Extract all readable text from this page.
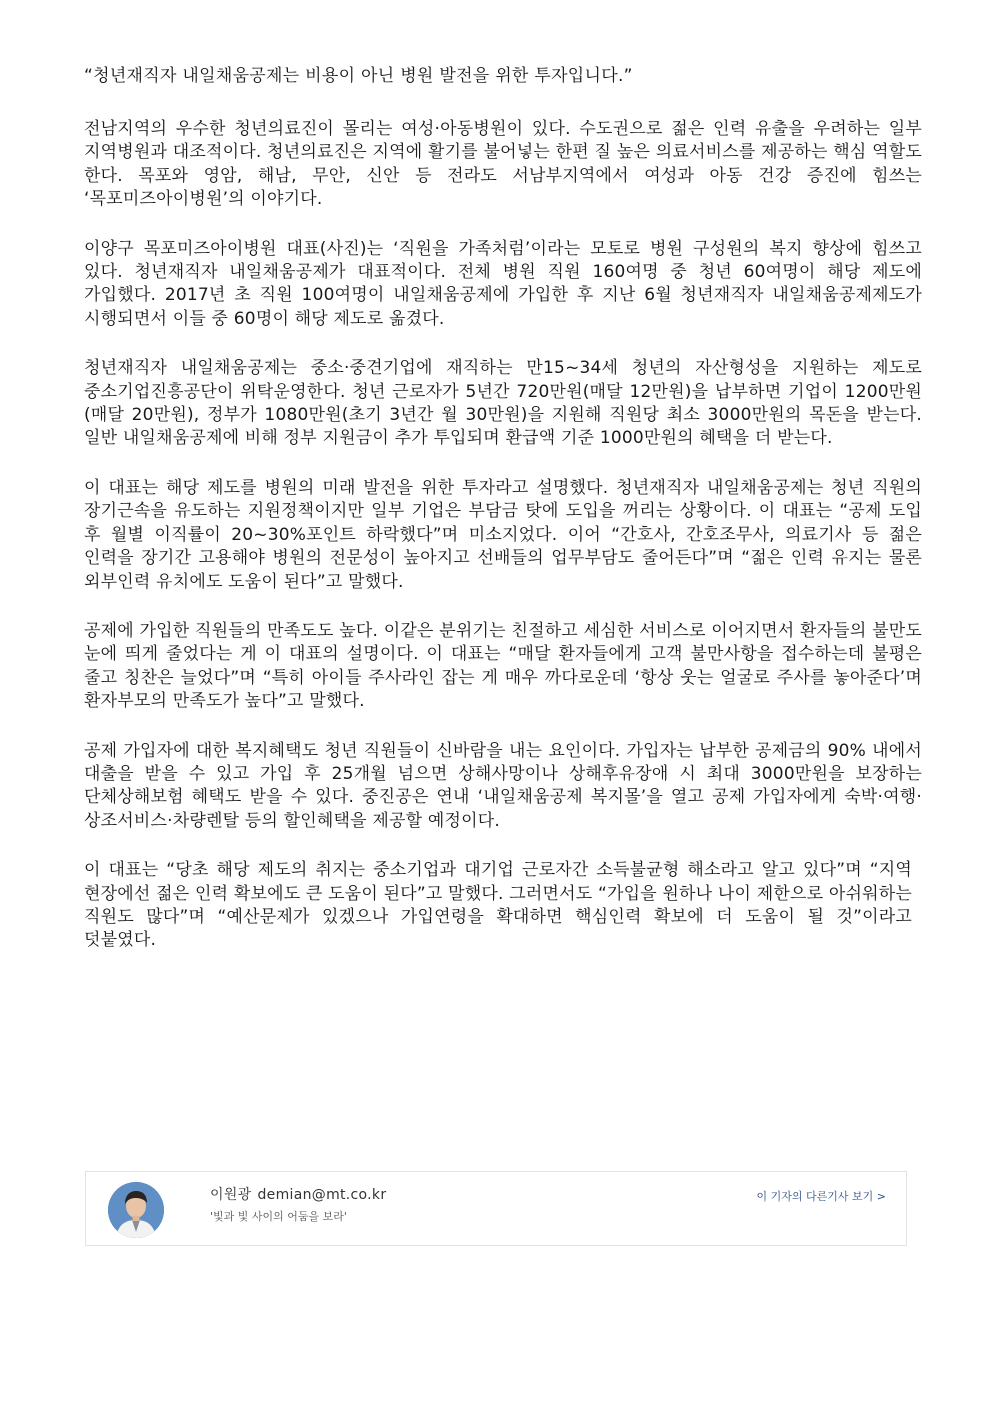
“청년재직자 내일채움공제는 비용이 아닌 병원 발전을 위한 투자입니다.”

전남지역의 우수한 청년의료진이 몰리는 여성·아동병원이 있다. 수도권으로 젊은 인력 유출을 우려하는 일부 지역병원과 대조적이다. 청년의료진은 지역에 활기를 불어넣는 한편 질 높은 의료서비스를 제공하는 핵심 역할도 한다. 목포와 영암, 해남, 무안, 신안 등 전라도 서남부지역에서 여성과 아동 건강 증진에 힘쓰는 ‘목포미즈아이병원’의 이야기다.

이양구 목포미즈아이병원 대표(사진)는 ‘직원을 가족처럼’이라는 모토로 병원 구성원의 복지 향상에 힘쓰고 있다. 청년재직자 내일채움공제가 대표적이다. 전체 병원 직원 160여명 중 청년 60여명이 해당 제도에 가입했다. 2017년 초 직원 100여명이 내일채움공제에 가입한 후 지난 6월 청년재직자 내일채움공제제도가 시행되면서 이들 중 60명이 해당 제도로 옮겼다.

청년재직자 내일채움공제는 중소·중견기업에 재직하는 만15~34세 청년의 자산형성을 지원하는 제도로 중소기업진흥공단이 위탁운영한다. 청년 근로자가 5년간 720만원(매달 12만원)을 납부하면 기업이 1200만원(매달 20만원), 정부가 1080만원(초기 3년간 월 30만원)을 지원해 직원당 최소 3000만원의 목돈을 받는다. 일반 내일채움공제에 비해 정부 지원금이 추가 투입되며 환급액 기준 1000만원의 혜택을 더 받는다.

이 대표는 해당 제도를 병원의 미래 발전을 위한 투자라고 설명했다. 청년재직자 내일채움공제는 청년 직원의 장기근속을 유도하는 지원정책이지만 일부 기업은 부담금 탓에 도입을 꺼리는 상황이다. 이 대표는 “공제 도입 후 월별 이직률이 20~30%포인트 하락했다”며 미소지었다. 이어 “간호사, 간호조무사, 의료기사 등 젊은 인력을 장기간 고용해야 병원의 전문성이 높아지고 선배들의 업무부담도 줄어든다”며 “젊은 인력 유지는 물론 외부인력 유치에도 도움이 된다”고 말했다.

공제에 가입한 직원들의 만족도도 높다. 이같은 분위기는 친절하고 세심한 서비스로 이어지면서 환자들의 불만도 눈에 띄게 줄었다는 게 이 대표의 설명이다. 이 대표는 “매달 환자들에게 고객 불만사항을 접수하는데 불평은 줄고 칭찬은 늘었다”며 “특히 아이들 주사라인 잡는 게 매우 까다로운데 ‘항상 웃는 얼굴로 주사를 놓아준다’며 환자부모의 만족도가 높다”고 말했다.

공제 가입자에 대한 복지혜택도 청년 직원들이 신바람을 내는 요인이다. 가입자는 납부한 공제금의 90% 내에서 대출을 받을 수 있고 가입 후 25개월 넘으면 상해사망이나 상해후유장애 시 최대 3000만원을 보장하는 단체상해보험 혜택도 받을 수 있다. 중진공은 연내 ‘내일채움공제 복지몰’을 열고 공제 가입자에게 숙박·여행·상조서비스·차량렌탈 등의 할인혜택을 제공할 예정이다.

이 대표는 “당초 해당 제도의 취지는 중소기업과 대기업 근로자간 소득불균형 해소라고 알고 있다”며 “지역 현장에선 젊은 인력 확보에도 큰 도움이 된다”고 말했다. 그러면서도 “가입을 원하나 나이 제한으로 아쉬워하는 직원도 많다”며 “예산문제가 있겠으나 가입연령을 확대하면 핵심인력 확보에 더 도움이 될 것”이라고 덧붙였다.

이원광 demian@mt.co.kr
'빛과 빛 사이의 어둠을 보라'
이 기자의 다른기사 보기 >
